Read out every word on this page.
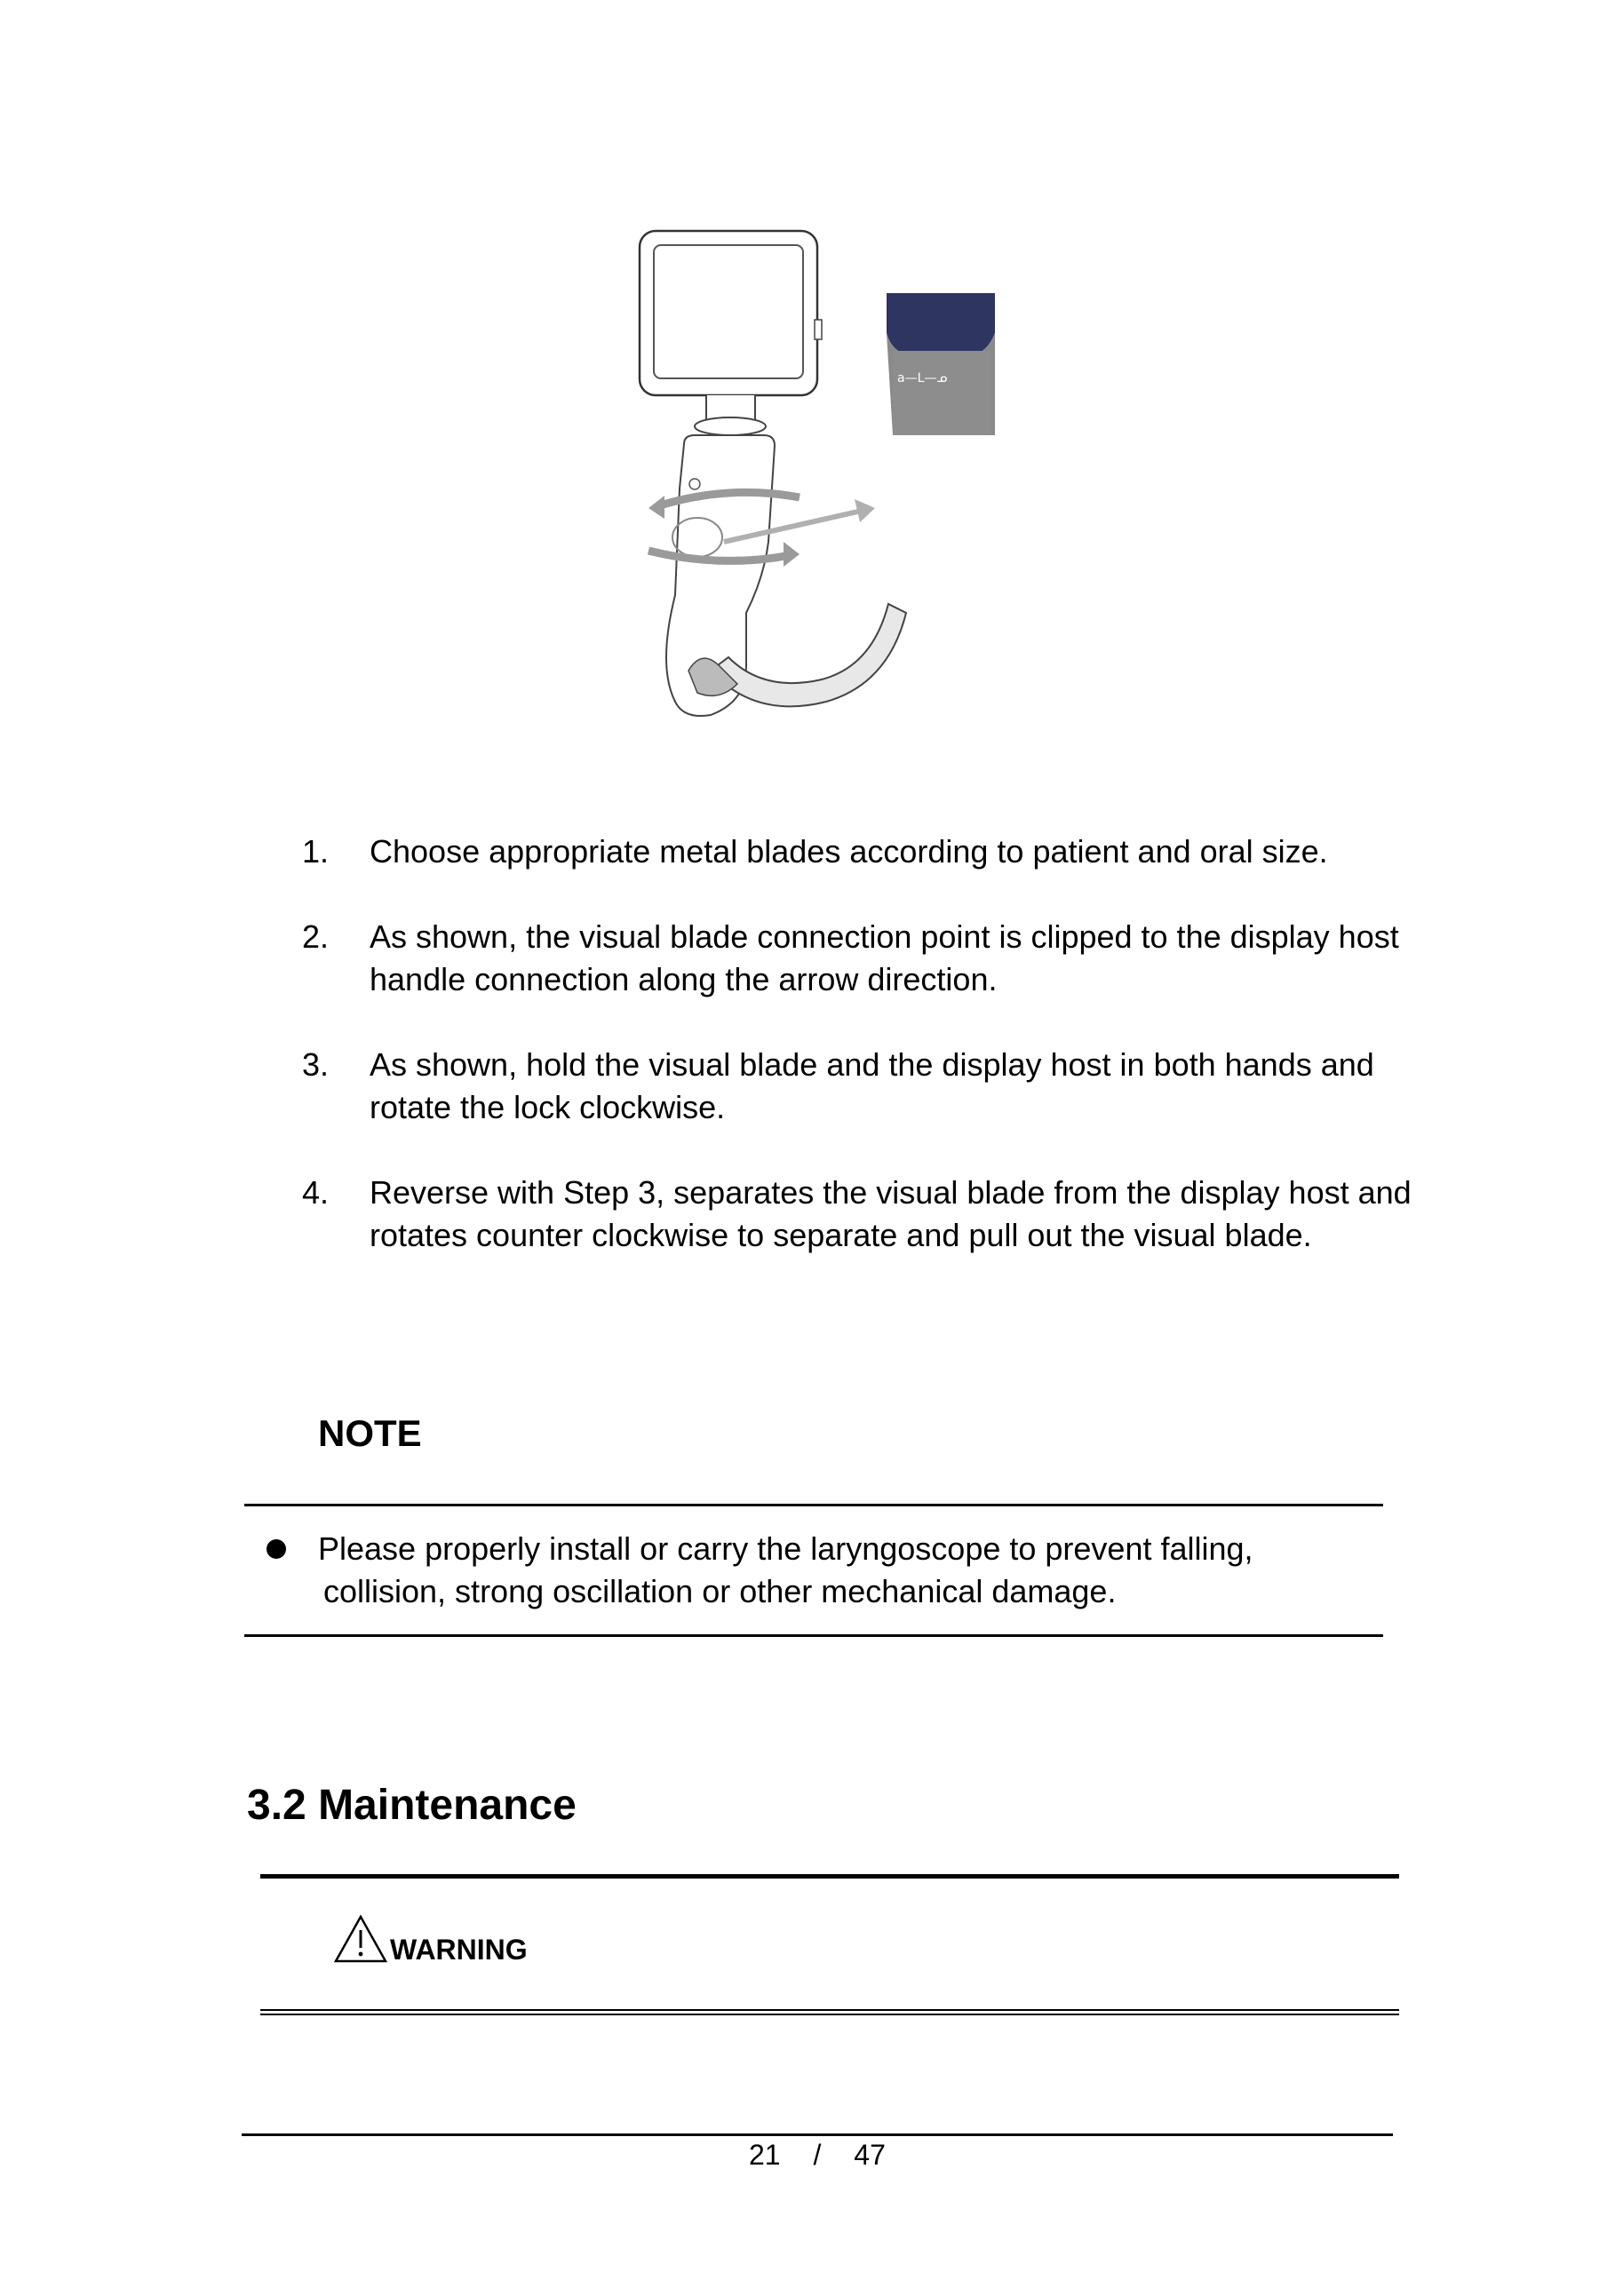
a—L—ᓄ
1.	Choose appropriate metal blades according to patient and oral size.
2.	As shown, the visual blade connection point is clipped to the display host handle connection along the arrow direction.
3.	As shown, hold the visual blade and the display host in both hands and rotate the lock clockwise.
4.	Reverse with Step 3, separates the visual blade from the display host and rotates counter clockwise to separate and pull out the visual blade.
NOTE
Please properly install or carry the laryngoscope to prevent falling,
collision, strong oscillation or other mechanical damage.
3.2 Maintenance
WARNING
21 / 47
